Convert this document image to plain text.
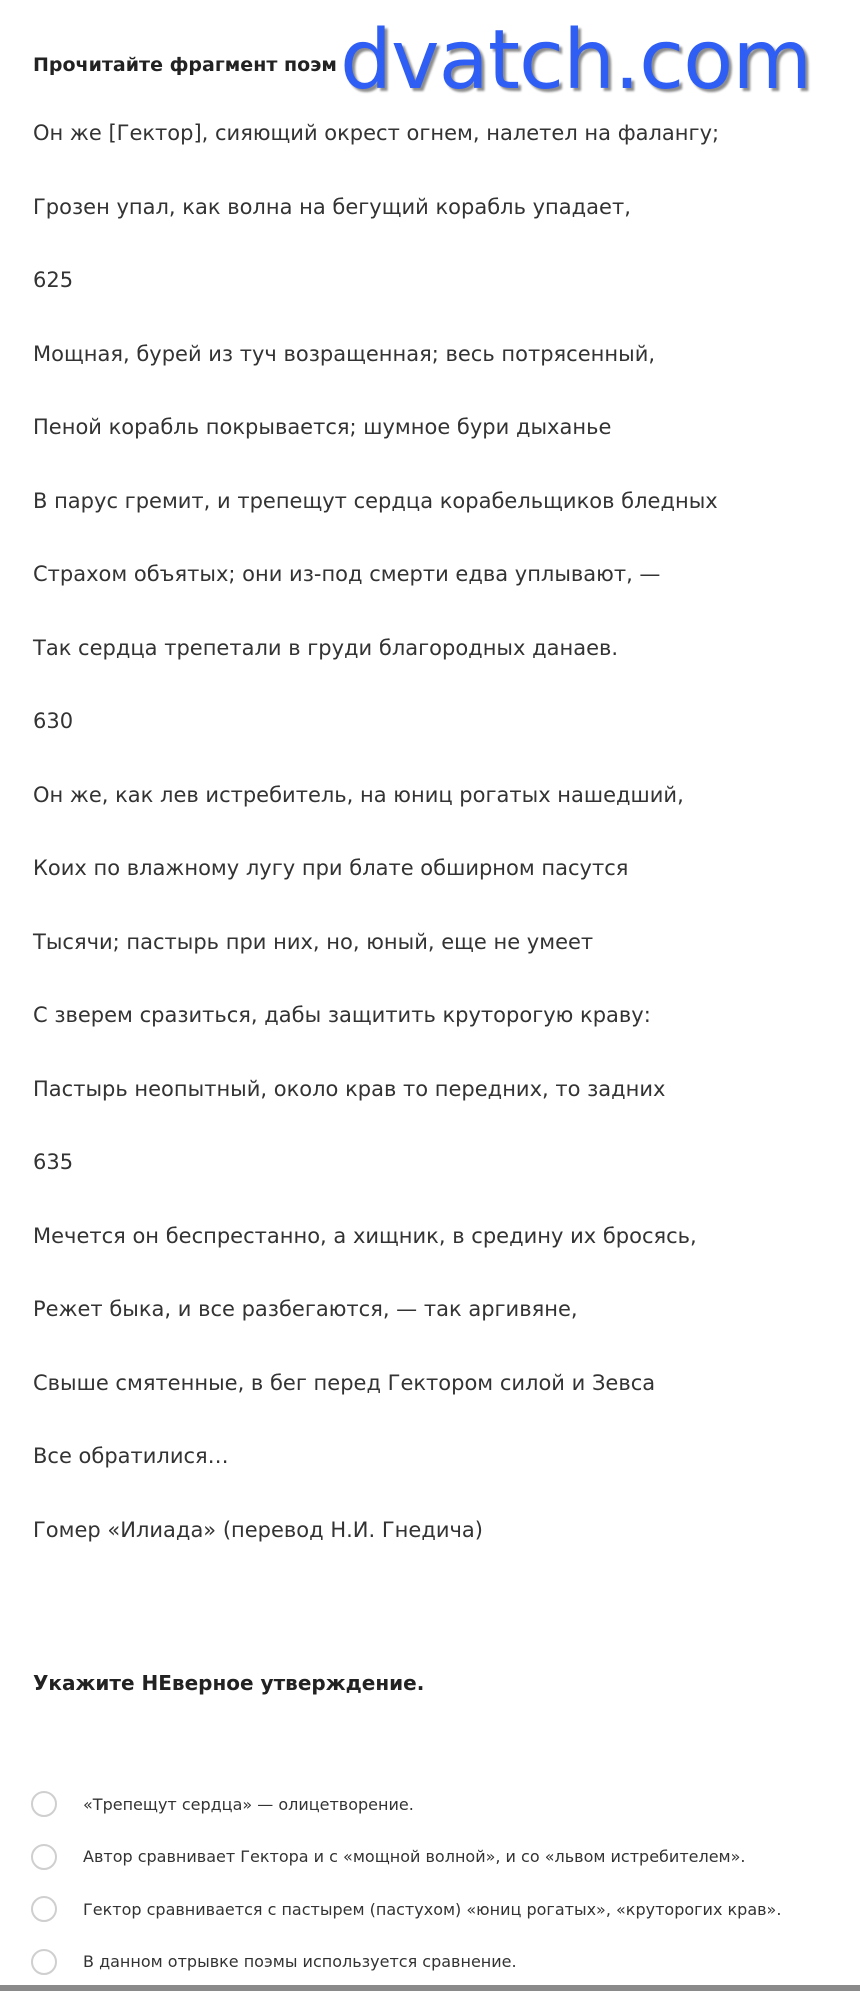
Прочитайте фрагмент поэм dvatch.com
Он же [Гектор], сияющий окрест огнем, налетел на фалангу;
Грозен упал, как волна на бегущий корабль упадает,
625
Мощная, бурей из туч возращенная; весь потрясенный,
Пеной корабль покрывается; шумное бури дыханье
В парус гремит, и трепещут сердца корабельщиков бледных
Страхом объятых; они из-под смерти едва уплывают, —
Так сердца трепетали в груди благородных данаев.
630
Он же, как лев истребитель, на юниц рогатых нашедший,
Коих по влажному лугу при блате обширном пасутся
Тысячи; пастырь при них, но, юный, еще не умеет
С зверем сразиться, дабы защитить круторогую краву:
Пастырь неопытный, около крав то передних, то задних
635
Мечется он беспрестанно, а хищник, в средину их бросясь,
Режет быка, и все разбегаются, — так аргивяне,
Свыше смятенные, в бег перед Гектором силой и Зевса
Все обратилися…
Гомер «Илиада» (перевод Н.И. Гнедича)
Укажите НЕверное утверждение.
«Трепещут сердца» — олицетворение.
Автор сравнивает Гектора и с «мощной волной», и со «львом истребителем».
Гектор сравнивается с пастырем (пастухом) «юниц рогатых», «круторогих крав».
В данном отрывке поэмы используется сравнение.
